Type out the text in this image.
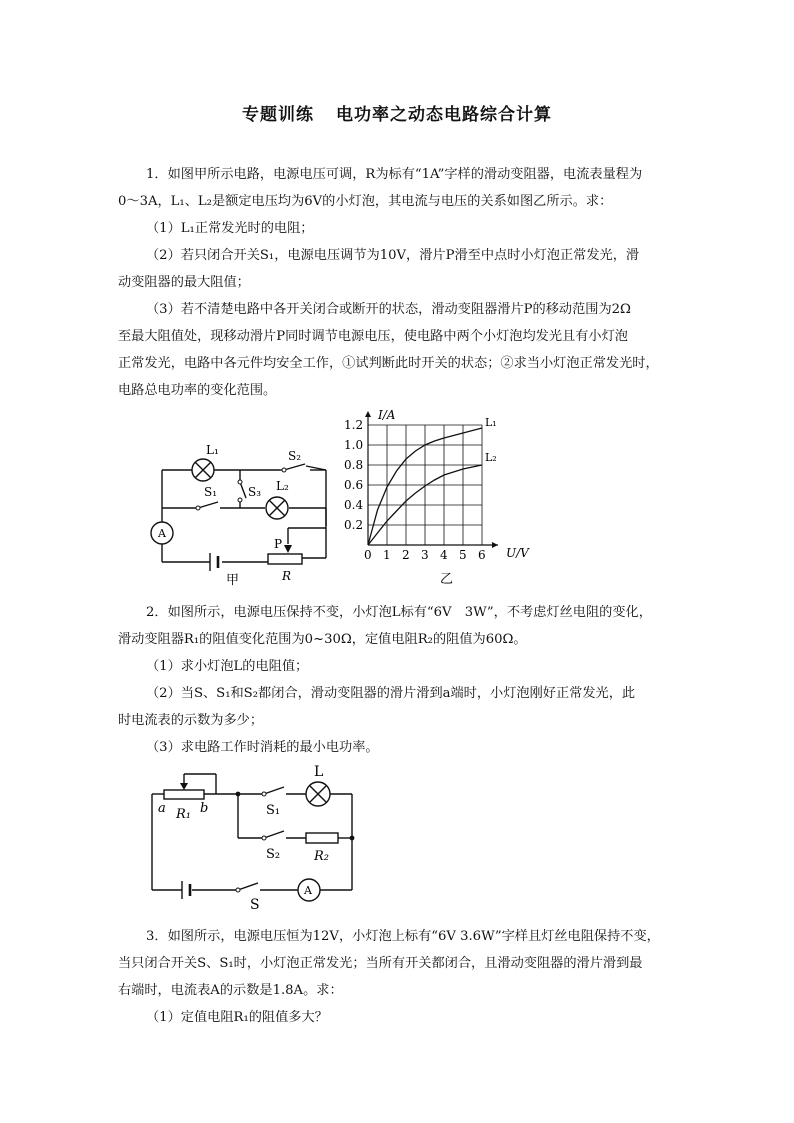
专题训练 电功率之动态电路综合计算
1．如图甲所示电路，电源电压可调，R为标有“1A”字样的滑动变阻器，电流表量程为
0～3A，L₁、L₂是额定电压均为6V的小灯泡，其电流与电压的关系如图乙所示。求：
（1）L₁正常发光时的电阻；
（2）若只闭合开关S₁，电源电压调节为10V，滑片P滑至中点时小灯泡正常发光，滑
动变阻器的最大阻值；
（3）若不清楚电路中各开关闭合或断开的状态，滑动变阻器滑片P的移动范围为2Ω
至最大阻值处，现移动滑片P同时调节电源电压，使电路中两个小灯泡均发光且有小灯泡
正常发光，电路中各元件均安全工作，①试判断此时开关的状态；②求当小灯泡正常发光时，
电路总电功率的变化范围。
L₁	S₂
S₁	S₃ L₂
A
P
R
甲
0 1 2 3 4 5 6
0.2
0.4
0.6
0.8
1.0
1.2	L₁
L₂
I/A
U/V
乙
2．如图所示，电源电压保持不变，小灯泡L标有“6V　3W”，不考虑灯丝电阻的变化，
滑动变阻器R₁的阻值变化范围为0~30Ω，定值电阻R₂的阻值为60Ω。
（1）求小灯泡L的电阻值；
（2）当S、S₁和S₂都闭合，滑动变阻器的滑片滑到a端时，小灯泡刚好正常发光，此
时电流表的示数为多少；
（3）求电路工作时消耗的最小电功率。
a	b
R₁
L
S₁
S₂	R₂
S
A
3．如图所示，电源电压恒为12V，小灯泡上标有“6V 3.6W”字样且灯丝电阻保持不变，
当只闭合开关S、S₁时，小灯泡正常发光；当所有开关都闭合，且滑动变阻器的滑片滑到最
右端时，电流表A的示数是1.8A。求：
（1）定值电阻R₁的阻值多大？
